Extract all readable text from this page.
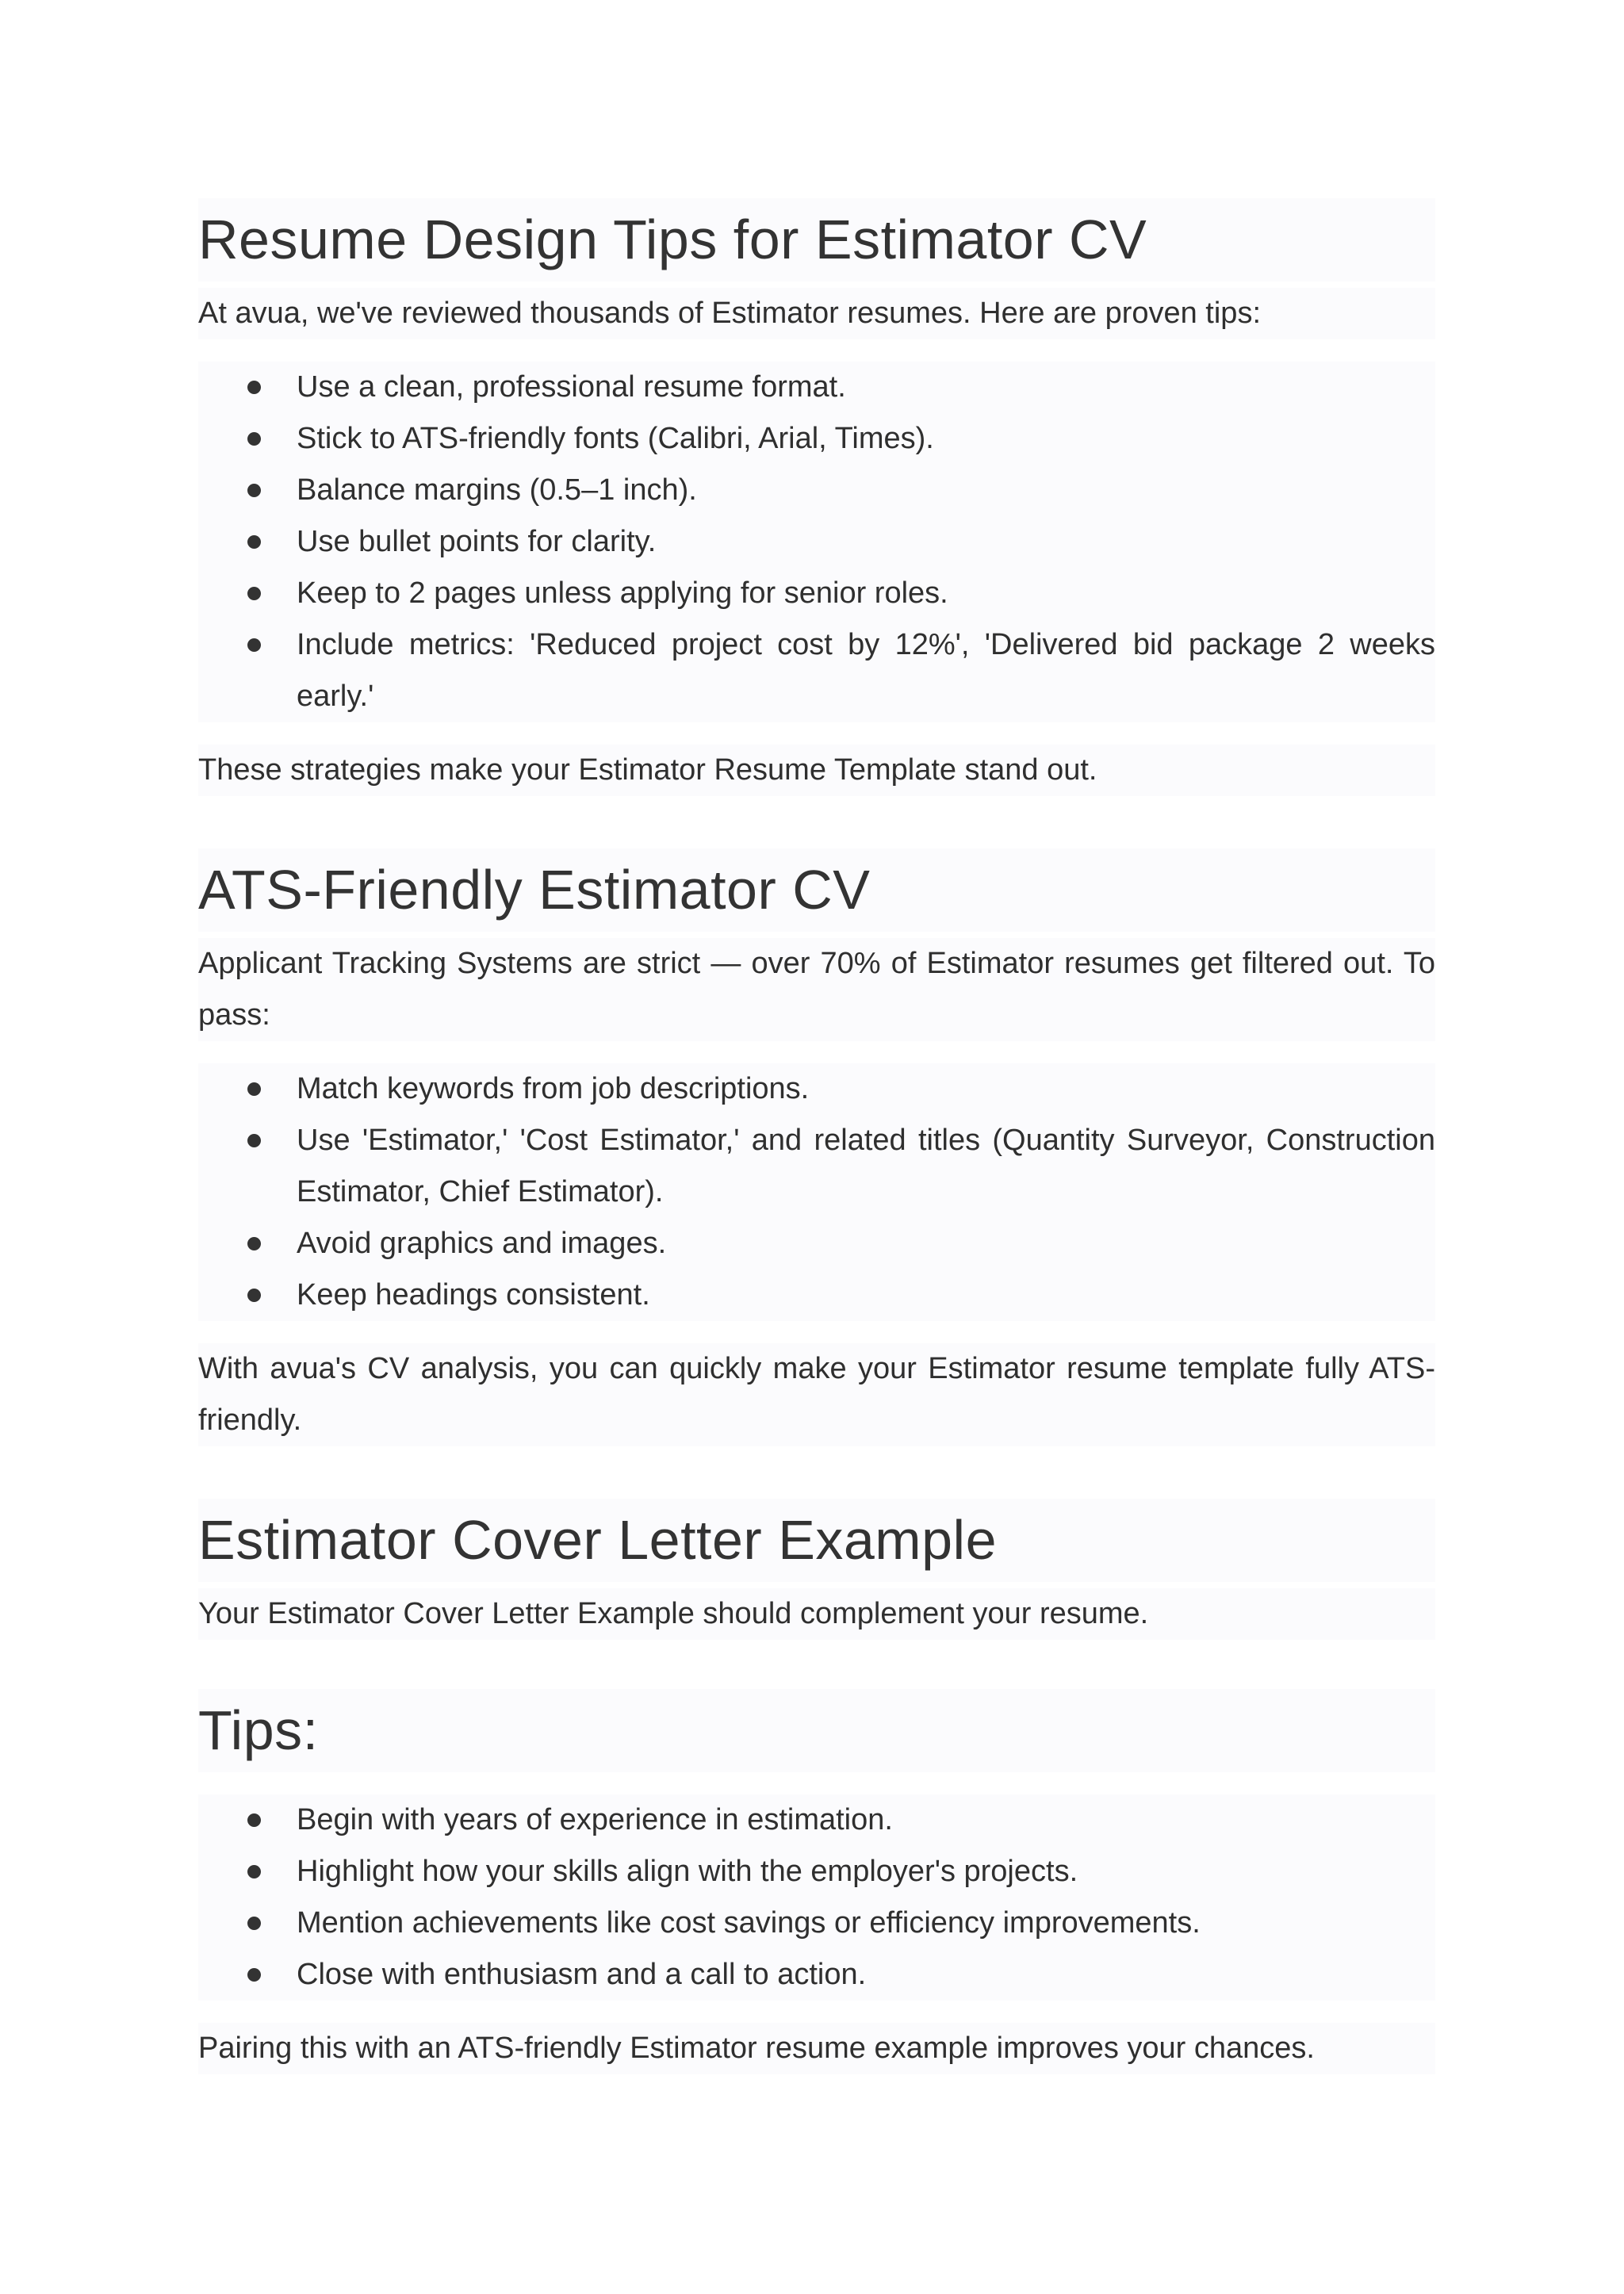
Resume Design Tips for Estimator CV

At avua, we've reviewed thousands of Estimator resumes. Here are proven tips:

Use a clean, professional resume format.
Stick to ATS-friendly fonts (Calibri, Arial, Times).
Balance margins (0.5–1 inch).
Use bullet points for clarity.
Keep to 2 pages unless applying for senior roles.
Include metrics: 'Reduced project cost by 12%', 'Delivered bid package 2 weeks early.'

These strategies make your Estimator Resume Template stand out.

ATS-Friendly Estimator CV

Applicant Tracking Systems are strict — over 70% of Estimator resumes get filtered out. To pass:

Match keywords from job descriptions.
Use 'Estimator,' 'Cost Estimator,' and related titles (Quantity Surveyor, Construction Estimator, Chief Estimator).
Avoid graphics and images.
Keep headings consistent.

With avua's CV analysis, you can quickly make your Estimator resume template fully ATS-friendly.

Estimator Cover Letter Example

Your Estimator Cover Letter Example should complement your resume.

Tips:
Begin with years of experience in estimation.
Highlight how your skills align with the employer's projects.
Mention achievements like cost savings or efficiency improvements.
Close with enthusiasm and a call to action.

Pairing this with an ATS-friendly Estimator resume example improves your chances.
